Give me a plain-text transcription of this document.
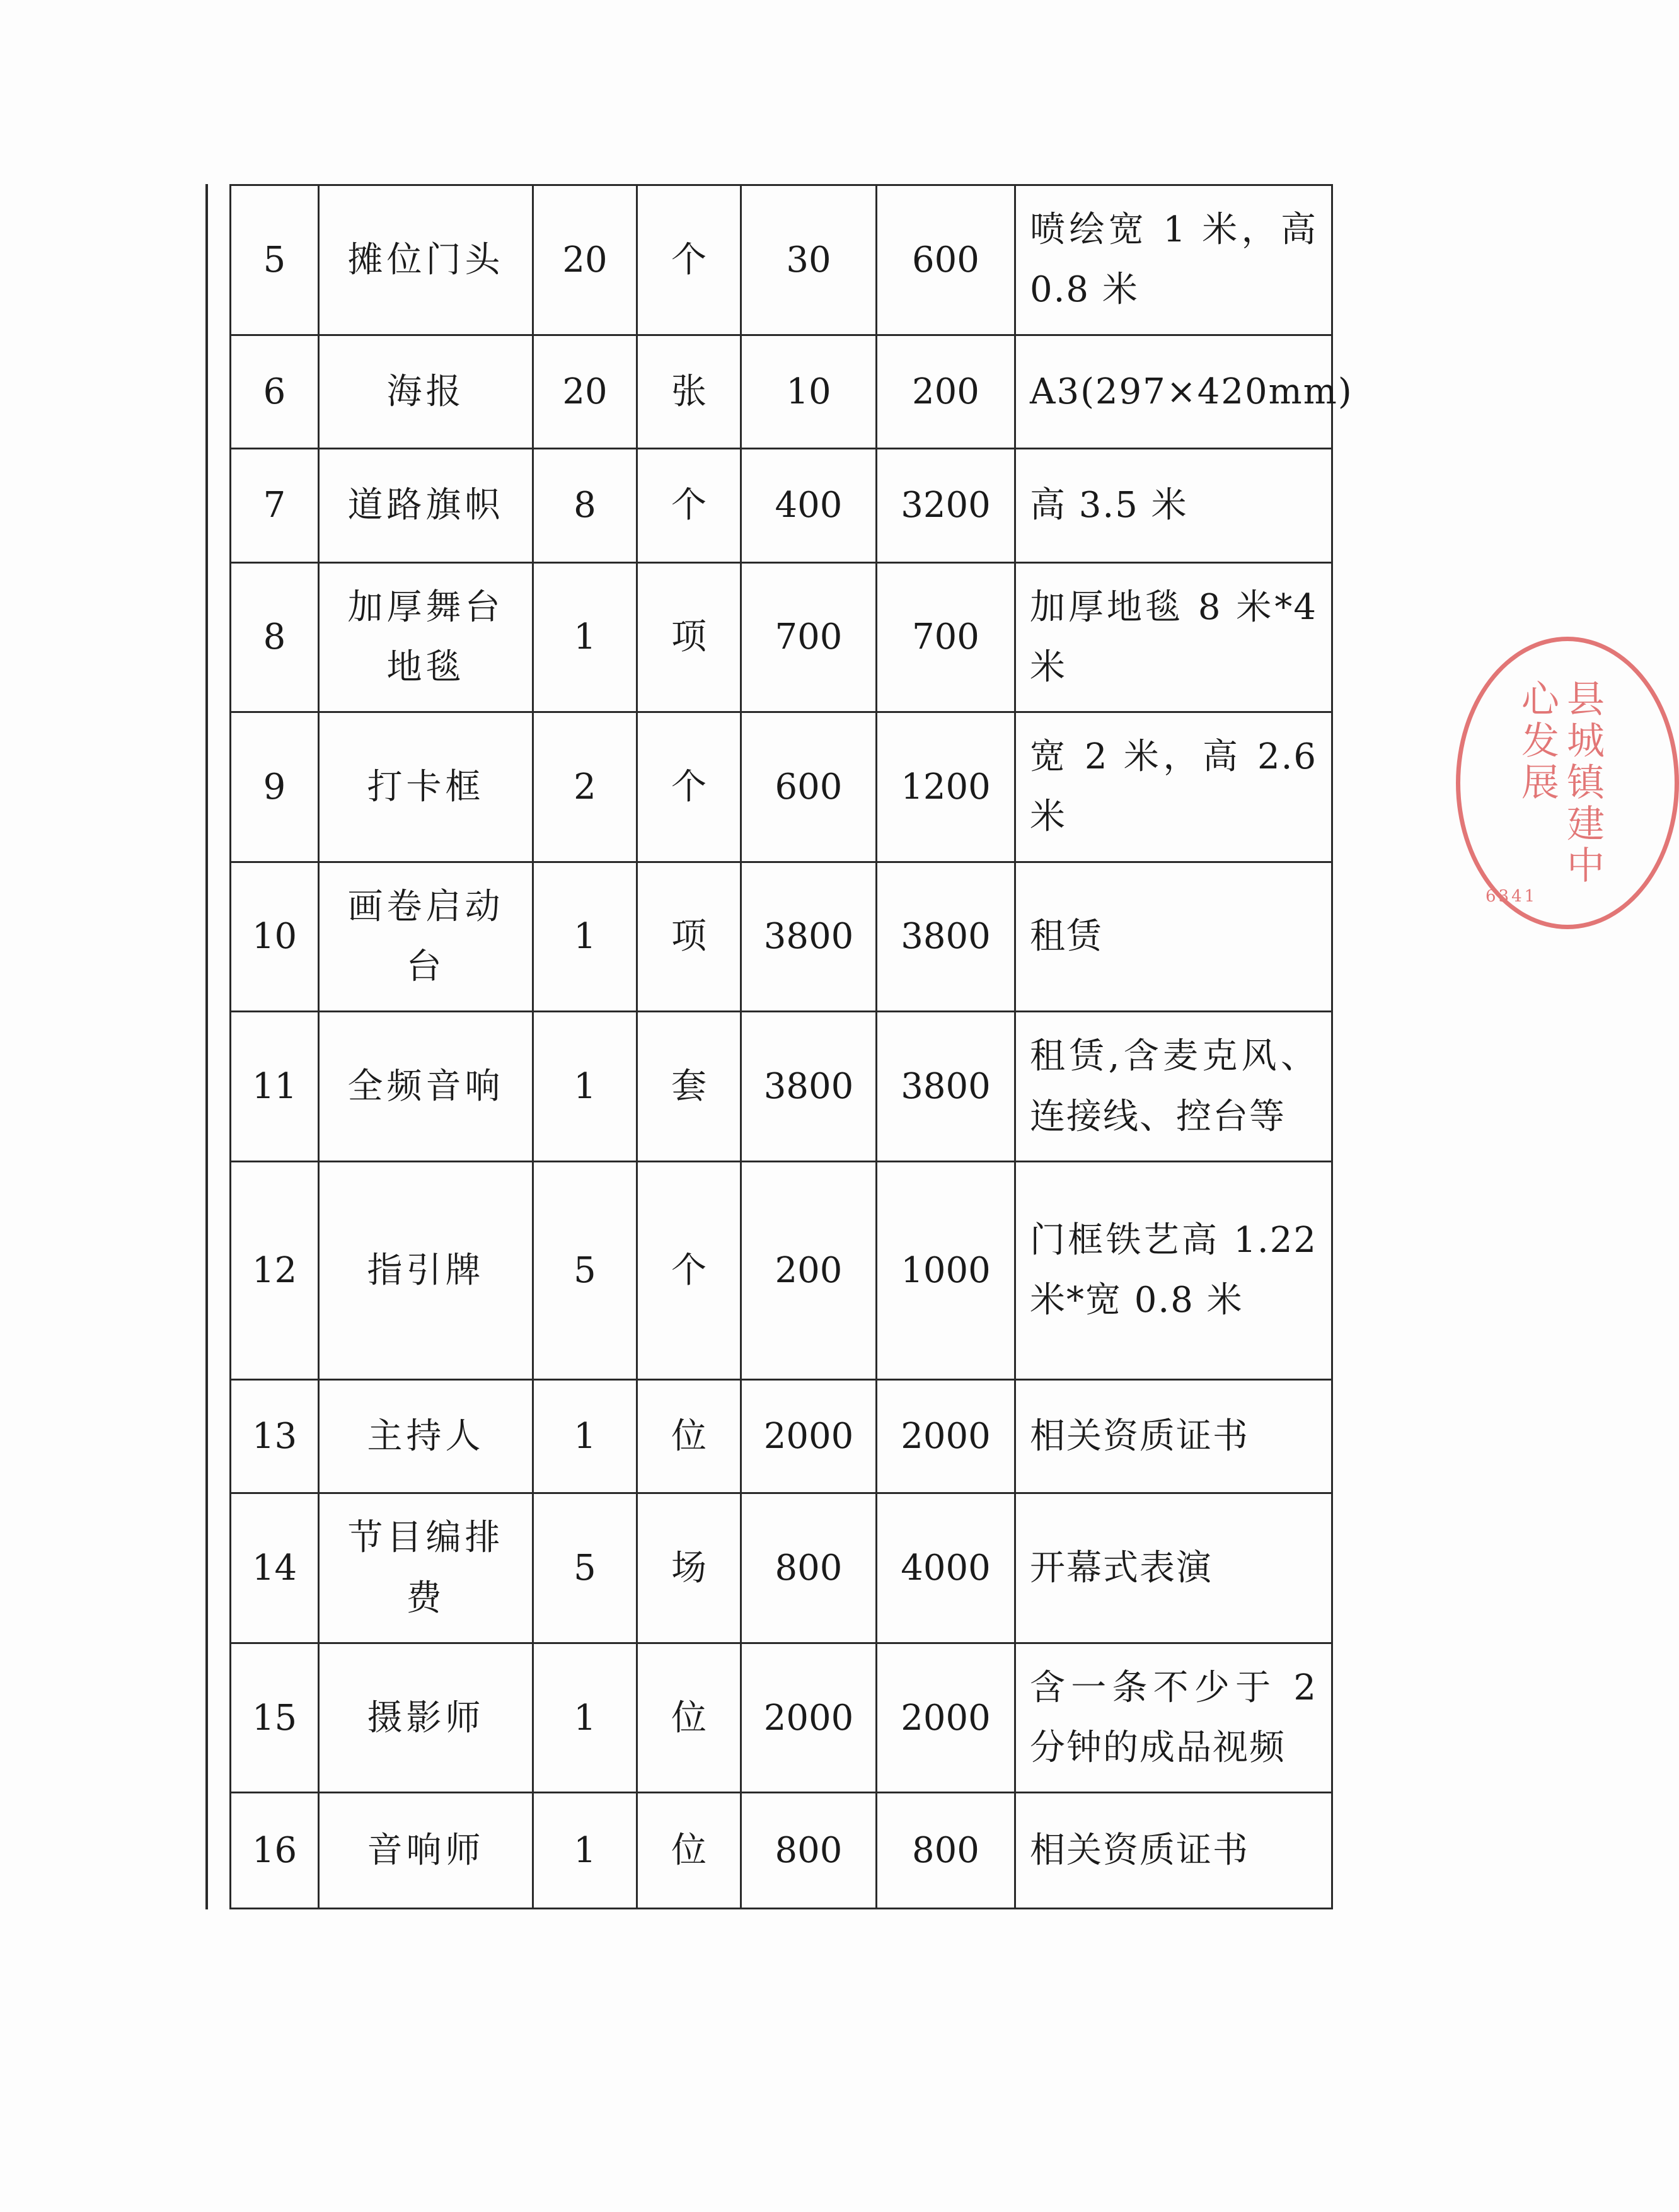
5	摊位门头	20	个	30	600	喷绘宽 1 米，高 0.8 米
6	海报	20	张	10	200	A3(297×420mm)
7	道路旗帜	8	个	400	3200	高 3.5 米
8	加厚舞台地毯	1	项	700	700	加厚地毯 8 米*4 米
9	打卡框	2	个	600	1200	宽 2 米，高 2.6 米
10	画卷启动台	1	项	3800	3800	租赁
11	全频音响	1	套	3800	3800	租赁,含麦克风、连接线、控台等
12	指引牌	5	个	200	1000	门框铁艺高 1.22 米*宽 0.8 米
13	主持人	1	位	2000	2000	相关资质证书
14	节目编排费	5	场	800	4000	开幕式表演
15	摄影师	1	位	2000	2000	含一条不少于 2 分钟的成品视频
16	音响师	1	位	800	800	相关资质证书
县城镇建中心发展
6341
